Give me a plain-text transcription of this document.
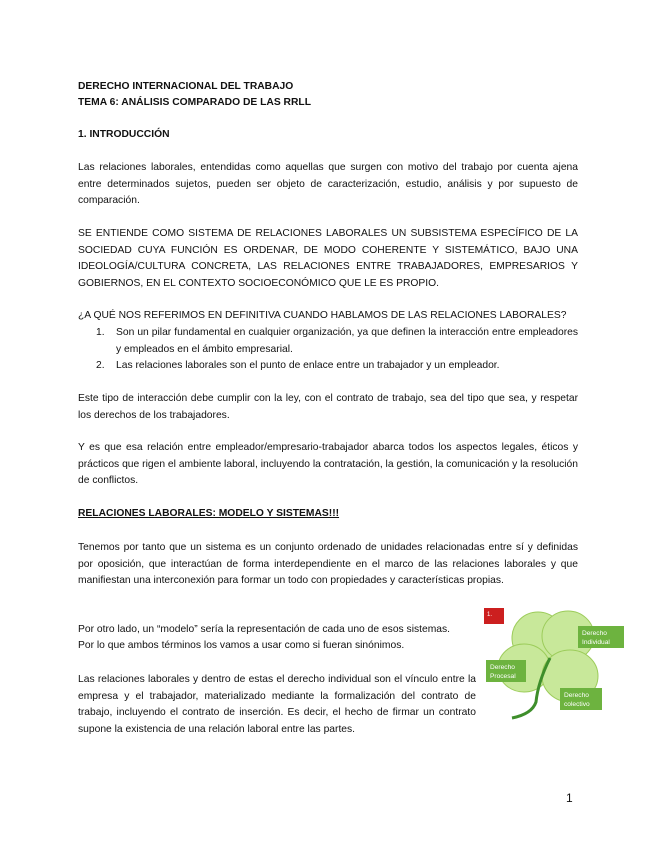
DERECHO INTERNACIONAL DEL TRABAJO

TEMA 6: ANÁLISIS COMPARADO DE LAS RRLL

1. INTRODUCCIÓN

Las relaciones laborales, entendidas como aquellas que surgen con motivo del trabajo por cuenta ajena entre determinados sujetos, pueden ser objeto de caracterización, estudio, análisis y por supuesto de comparación.

SE ENTIENDE COMO SISTEMA DE RELACIONES LABORALES UN SUBSISTEMA ESPECÍFICO DE LA SOCIEDAD CUYA FUNCIÓN ES ORDENAR, DE MODO COHERENTE Y SISTEMÁTICO, BAJO UNA IDEOLOGÍA/CULTURA CONCRETA, LAS RELACIONES ENTRE TRABAJADORES, EMPRESARIOS Y GOBIERNOS, EN EL CONTEXTO SOCIOECONÓMICO QUE LE ES PROPIO.

¿A QUÉ NOS REFERIMOS EN DEFINITIVA CUANDO HABLAMOS DE LAS RELACIONES LABORALES?

1. Son un pilar fundamental en cualquier organización, ya que definen la interacción entre empleadores y empleados en el ámbito empresarial.
2. Las relaciones laborales son el punto de enlace entre un trabajador y un empleador.

Este tipo de interacción debe cumplir con la ley, con el contrato de trabajo, sea del tipo que sea, y respetar los derechos de los trabajadores.

Y es que esa relación entre empleador/empresario-trabajador abarca todos los aspectos legales, éticos y prácticos que rigen el ambiente laboral, incluyendo la contratación, la gestión, la comunicación y la resolución de conflictos.

RELACIONES LABORALES: MODELO Y SISTEMAS!!!

Tenemos por tanto que un sistema es un conjunto ordenado de unidades relacionadas entre sí y definidas por oposición, que interactúan de forma interdependiente en el marco de las relaciones laborales y que manifiestan una interconexión para formar un todo con propiedades y características propias.

Por otro lado, un “modelo” sería la representación de cada uno de esos sistemas.

Por lo que ambos términos los vamos a usar como si fueran sinónimos.

Las relaciones laborales y dentro de estas el derecho individual son el vínculo entre la empresa y el trabajador, materializado mediante la formalización del contrato de trabajo, incluyendo el contrato de inserción. Es decir, el hecho de firmar un contrato supone la existencia de una relación laboral entre las partes.

1.
Derecho
Individual
Derecho
Procesal
Derecho
colectivo
1
